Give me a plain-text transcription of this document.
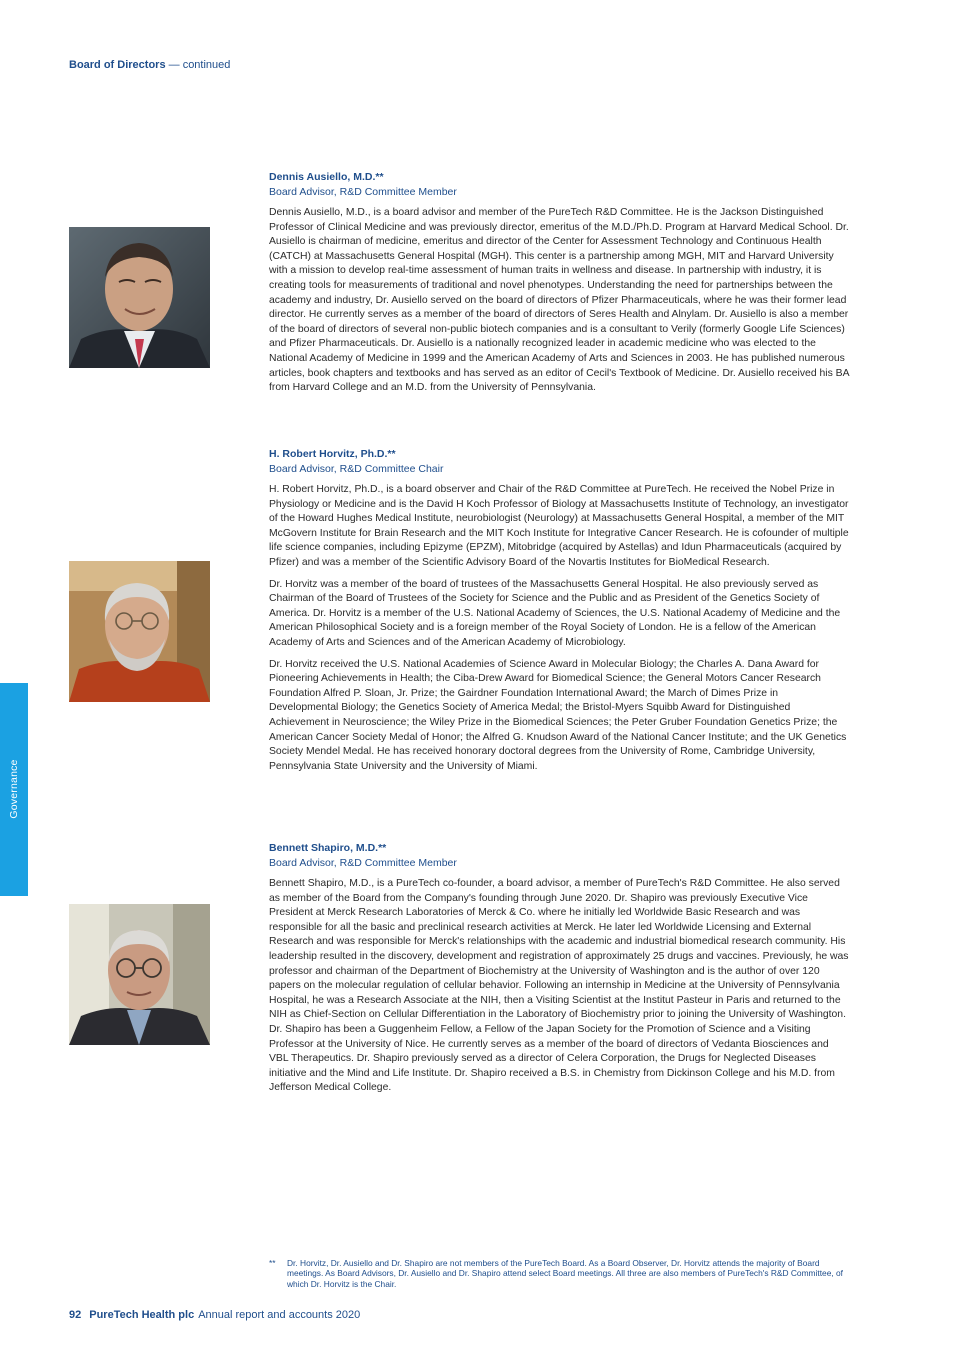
Board of Directors — continued
Governance
Dennis Ausiello, M.D.**
Board Advisor, R&D Committee Member

Dennis Ausiello, M.D., is a board advisor and member of the PureTech R&D Committee. He is the Jackson Distinguished Professor of Clinical Medicine and was previously director, emeritus of the M.D./Ph.D. Program at Harvard Medical School. Dr. Ausiello is chairman of medicine, emeritus and director of the Center for Assessment Technology and Continuous Health (CATCH) at Massachusetts General Hospital (MGH). This center is a partnership among MGH, MIT and Harvard University with a mission to develop real-time assessment of human traits in wellness and disease. In partnership with industry, it is creating tools for measurements of traditional and novel phenotypes. Understanding the need for partnerships between the academy and industry, Dr. Ausiello served on the board of directors of Pfizer Pharmaceuticals, where he was their former lead director. He currently serves as a member of the board of directors of Seres Health and Alnylam. Dr. Ausiello is also a member of the board of directors of several non-public biotech companies and is a consultant to Verily (formerly Google Life Sciences) and Pfizer Pharmaceuticals. Dr. Ausiello is a nationally recognized leader in academic medicine who was elected to the National Academy of Medicine in 1999 and the American Academy of Arts and Sciences in 2003. He has published numerous articles, book chapters and textbooks and has served as an editor of Cecil's Textbook of Medicine. Dr. Ausiello received his BA from Harvard College and an M.D. from the University of Pennsylvania.

H. Robert Horvitz, Ph.D.**
Board Advisor, R&D Committee Chair

H. Robert Horvitz, Ph.D., is a board observer and Chair of the R&D Committee at PureTech. He received the Nobel Prize in Physiology or Medicine and is the David H Koch Professor of Biology at Massachusetts Institute of Technology, an investigator of the Howard Hughes Medical Institute, neurobiologist (Neurology) at Massachusetts General Hospital, a member of the MIT McGovern Institute for Brain Research and the MIT Koch Institute for Integrative Cancer Research. He is cofounder of multiple life science companies, including Epizyme (EPZM), Mitobridge (acquired by Astellas) and Idun Pharmaceuticals (acquired by Pfizer) and was a member of the Scientific Advisory Board of the Novartis Institutes for BioMedical Research.

Dr. Horvitz was a member of the board of trustees of the Massachusetts General Hospital. He also previously served as Chairman of the Board of Trustees of the Society for Science and the Public and as President of the Genetics Society of America. Dr. Horvitz is a member of the U.S. National Academy of Sciences, the U.S. National Academy of Medicine and the American Philosophical Society and is a foreign member of the Royal Society of London. He is a fellow of the American Academy of Arts and Sciences and of the American Academy of Microbiology.

Dr. Horvitz received the U.S. National Academies of Science Award in Molecular Biology; the Charles A. Dana Award for Pioneering Achievements in Health; the Ciba-Drew Award for Biomedical Science; the General Motors Cancer Research Foundation Alfred P. Sloan, Jr. Prize; the Gairdner Foundation International Award; the March of Dimes Prize in Developmental Biology; the Genetics Society of America Medal; the Bristol-Myers Squibb Award for Distinguished Achievement in Neuroscience; the Wiley Prize in the Biomedical Sciences; the Peter Gruber Foundation Genetics Prize; the American Cancer Society Medal of Honor; the Alfred G. Knudson Award of the National Cancer Institute; and the UK Genetics Society Mendel Medal. He has received honorary doctoral degrees from the University of Rome, Cambridge University, Pennsylvania State University and the University of Miami.

Bennett Shapiro, M.D.**
Board Advisor, R&D Committee Member

Bennett Shapiro, M.D., is a PureTech co-founder, a board advisor, a member of PureTech's R&D Committee. He also served as member of the Board from the Company's founding through June 2020. Dr. Shapiro was previously Executive Vice President at Merck Research Laboratories of Merck & Co. where he initially led Worldwide Basic Research and was responsible for all the basic and preclinical research activities at Merck. He later led Worldwide Licensing and External Research and was responsible for Merck's relationships with the academic and industrial biomedical research community. His leadership resulted in the discovery, development and registration of approximately 25 drugs and vaccines. Previously, he was professor and chairman of the Department of Biochemistry at the University of Washington and is the author of over 120 papers on the molecular regulation of cellular behavior. Following an internship in Medicine at the University of Pennsylvania Hospital, he was a Research Associate at the NIH, then a Visiting Scientist at the Institut Pasteur in Paris and returned to the NIH as Chief-Section on Cellular Differentiation in the Laboratory of Biochemistry prior to joining the University of Washington. Dr. Shapiro has been a Guggenheim Fellow, a Fellow of the Japan Society for the Promotion of Science and a Visiting Professor at the University of Nice. He currently serves as a member of the board of directors of Vedanta Biosciences and VBL Therapeutics. Dr. Shapiro previously served as a director of Celera Corporation, the Drugs for Neglected Diseases initiative and the Mind and Life Institute. Dr. Shapiro received a B.S. in Chemistry from Dickinson College and his M.D. from Jefferson Medical College.

** Dr. Horvitz, Dr. Ausiello and Dr. Shapiro are not members of the PureTech Board. As a Board Observer, Dr. Horvitz attends the majority of Board meetings. As Board Advisors, Dr. Ausiello and Dr. Shapiro attend select Board meetings. All three are also members of PureTech's R&D Committee, of which Dr. Horvitz is the Chair.
92 PureTech Health plc Annual report and accounts 2020
